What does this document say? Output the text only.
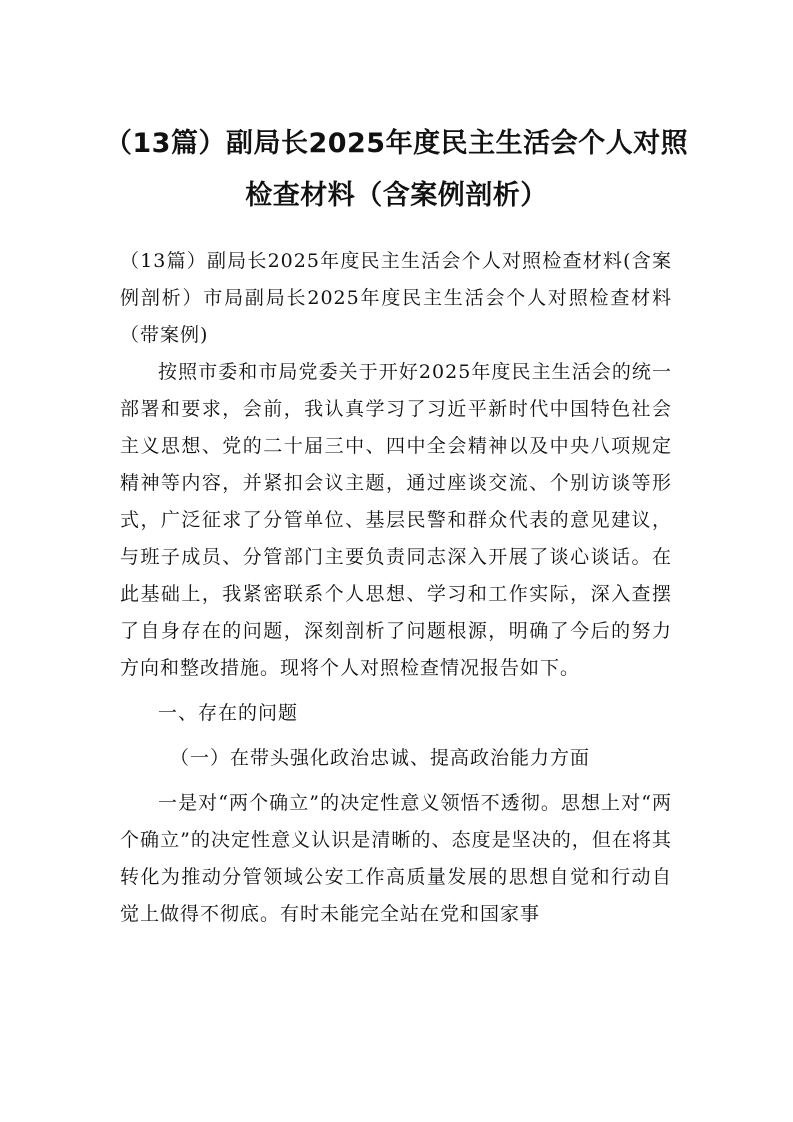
（13篇）副局长2025年度民主生活会个人对照检查材料（含案例剖析）

（13篇）副局长2025年度民主生活会个人对照检查材料(含案例剖析）市局副局长2025年度民主生活会个人对照检查材料（带案例)

按照市委和市局党委关于开好2025年度民主生活会的统一部署和要求，会前，我认真学习了习近平新时代中国特色社会主义思想、党的二十届三中、四中全会精神以及中央八项规定精神等内容，并紧扣会议主题，通过座谈交流、个别访谈等形式，广泛征求了分管单位、基层民警和群众代表的意见建议，与班子成员、分管部门主要负责同志深入开展了谈心谈话。在此基础上，我紧密联系个人思想、学习和工作实际，深入查摆了自身存在的问题，深刻剖析了问题根源，明确了今后的努力方向和整改措施。现将个人对照检查情况报告如下。

一、存在的问题

（一）在带头强化政治忠诚、提高政治能力方面

一是对“两个确立”的决定性意义领悟不透彻。思想上对“两个确立”的决定性意义认识是清晰的、态度是坚决的，但在将其转化为推动分管领域公安工作高质量发展的思想自觉和行动自觉上做得不彻底。有时未能完全站在党和国家事
